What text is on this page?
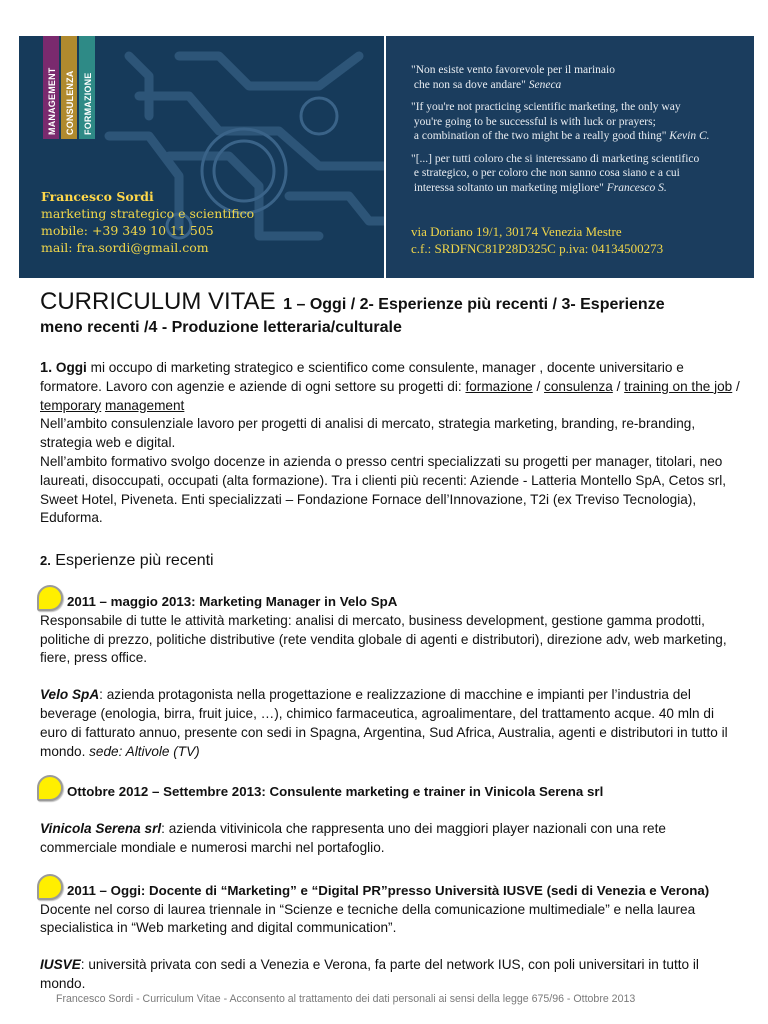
MANAGEMENT CONSULENZA FORMAZIONE
Francesco Sordi
marketing strategico e scientifico
mobile: +39 349 10 11 505
mail: fra.sordi@gmail.com

"Non esiste vento favorevole per il marinaio
che non sa dove andare" Seneca

"If you're not practicing scientific marketing, the only way
you're going to be successful is with luck or prayers;
a combination of the two might be a really good thing" Kevin C.

"[...] per tutti coloro che si interessano di marketing scientifico
e strategico, o per coloro che non sanno cosa siano e a cui
interessa soltanto un marketing migliore" Francesco S.

via Doriano 19/1, 30174 Venezia Mestre
c.f.: SRDFNC81P28D325C p.iva: 04134500273
CURRICULUM VITAE 1 – Oggi / 2- Esperienze più recenti / 3- Esperienze
meno recenti /4 - Produzione letteraria/culturale

1. Oggi mi occupo di marketing strategico e scientifico come consulente, manager , docente universitario e formatore. Lavoro con agenzie e aziende di ogni settore su progetti di: formazione / consulenza / training on the job / temporary management

Nell’ambito consulenziale lavoro per progetti di analisi di mercato, strategia marketing, branding, re-branding, strategia web e digital.

Nell’ambito formativo svolgo docenze in azienda o presso centri specializzati su progetti per manager, titolari, neo laureati, disoccupati, occupati (alta formazione). Tra i clienti più recenti: Aziende - Latteria Montello SpA, Cetos srl, Sweet Hotel, Piveneta. Enti specializzati – Fondazione Fornace dell’Innovazione, T2i (ex Treviso Tecnologia), Eduforma.

2. Esperienze più recenti

2011 – maggio 2013: Marketing Manager in Velo SpA

Responsabile di tutte le attività marketing: analisi di mercato, business development, gestione gamma prodotti, politiche di prezzo, politiche distributive (rete vendita globale di agenti e distributori), direzione adv, web marketing, fiere, press office.

Velo SpA: azienda protagonista nella progettazione e realizzazione di macchine e impianti per l’industria del beverage (enologia, birra, fruit juice, …), chimico farmaceutica, agroalimentare, del trattamento acque. 40 mln di euro di fatturato annuo, presente con sedi in Spagna, Argentina, Sud Africa, Australia, agenti e distributori in tutto il mondo. sede: Altivole (TV)

Ottobre 2012 – Settembre 2013: Consulente marketing e trainer in Vinicola Serena srl

Vinicola Serena srl: azienda vitivinicola che rappresenta uno dei maggiori player nazionali con una rete commerciale mondiale e numerosi marchi nel portafoglio.

2011 – Oggi: Docente di “Marketing” e “Digital PR”presso Università IUSVE (sedi di Venezia e Verona)

Docente nel corso di laurea triennale in “Scienze e tecniche della comunicazione multimediale” e nella laurea specialistica in “Web marketing and digital communication”.

IUSVE: università privata con sedi a Venezia e Verona, fa parte del network IUS, con poli universitari in tutto il mondo.

Francesco Sordi - Curriculum Vitae - Acconsento al trattamento dei dati personali ai sensi della legge 675/96 - Ottobre 2013
